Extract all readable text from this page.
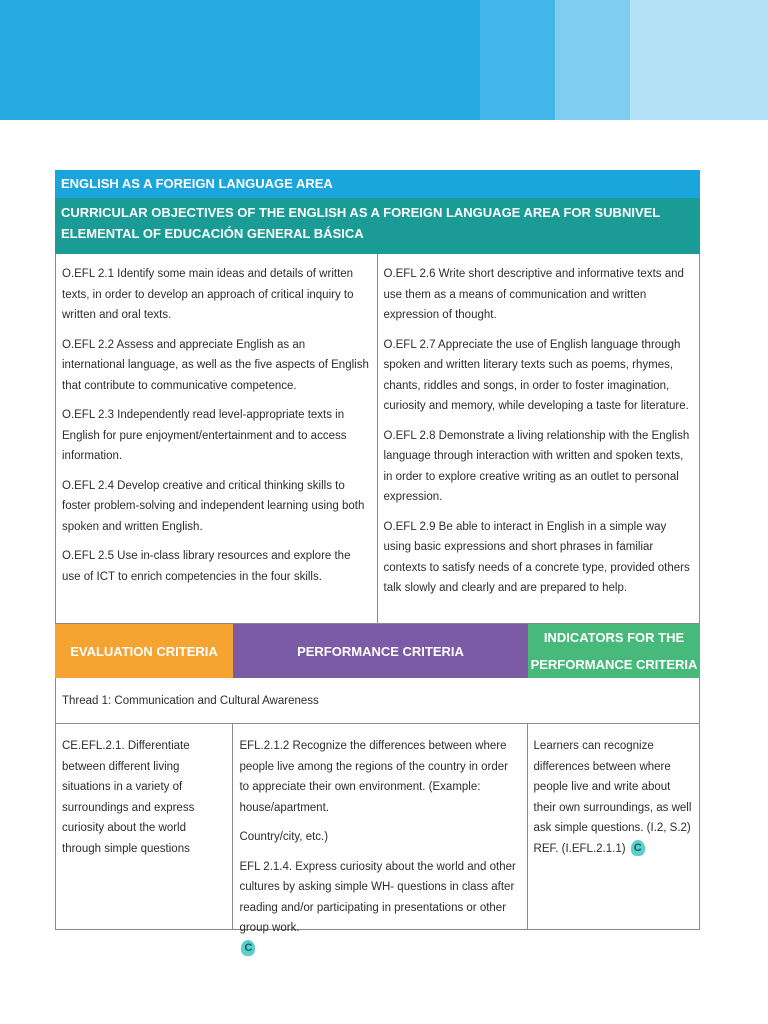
ENGLISH AS A FOREIGN LANGUAGE AREA
CURRICULAR OBJECTIVES OF THE ENGLISH AS A FOREIGN LANGUAGE AREA FOR SUBNIVEL ELEMENTAL OF EDUCACIÓN GENERAL BÁSICA

O.EFL 2.1 Identify some main ideas and details of written texts, in order to develop an approach of critical inquiry to written and oral texts.

O.EFL 2.2 Assess and appreciate English as an international language, as well as the five aspects of English that contribute to communicative competence.

O.EFL 2.3 Independently read level-appropriate texts in English for pure enjoyment/entertainment and to access information.

O.EFL 2.4 Develop creative and critical thinking skills to foster problem-solving and independent learning using both spoken and written English.

O.EFL 2.5 Use in-class library resources and explore the use of ICT to enrich competencies in the four skills.

O.EFL 2.6 Write short descriptive and informative texts and use them as a means of communication and written expression of thought.

O.EFL 2.7 Appreciate the use of English language through spoken and written literary texts such as poems, rhymes, chants, riddles and songs, in order to foster imagination, curiosity and memory, while developing a taste for literature.

O.EFL 2.8 Demonstrate a living relationship with the English language through interaction with written and spoken texts, in order to explore creative writing as an outlet to personal expression.

O.EFL 2.9 Be able to interact in English in a simple way using basic expressions and short phrases in familiar contexts to satisfy needs of a concrete type, provided others talk slowly and clearly and are prepared to help.

EVALUATION CRITERIA	PERFORMANCE CRITERIA
INDICATORS FOR THE PERFORMANCE CRITERIA
Thread 1: Communication and Cultural Awareness
CE.EFL.2.1. Differentiate between different living situations in a variety of surroundings and express curiosity about the world through simple questions

EFL.2.1.2 Recognize the differences between where people live among the regions of the country in order to appreciate their own environment. (Example: house/apartment.

Country/city, etc.)

EFL 2.1.4. Express curiosity about the world and other cultures by asking simple WH- questions in class after reading and/or participating in presentations or other group work.
C

Learners can recognize differences between where people live and write about their own surroundings, as well ask simple questions. (I.2, S.2) REF. (I.EFL.2.1.1) C
